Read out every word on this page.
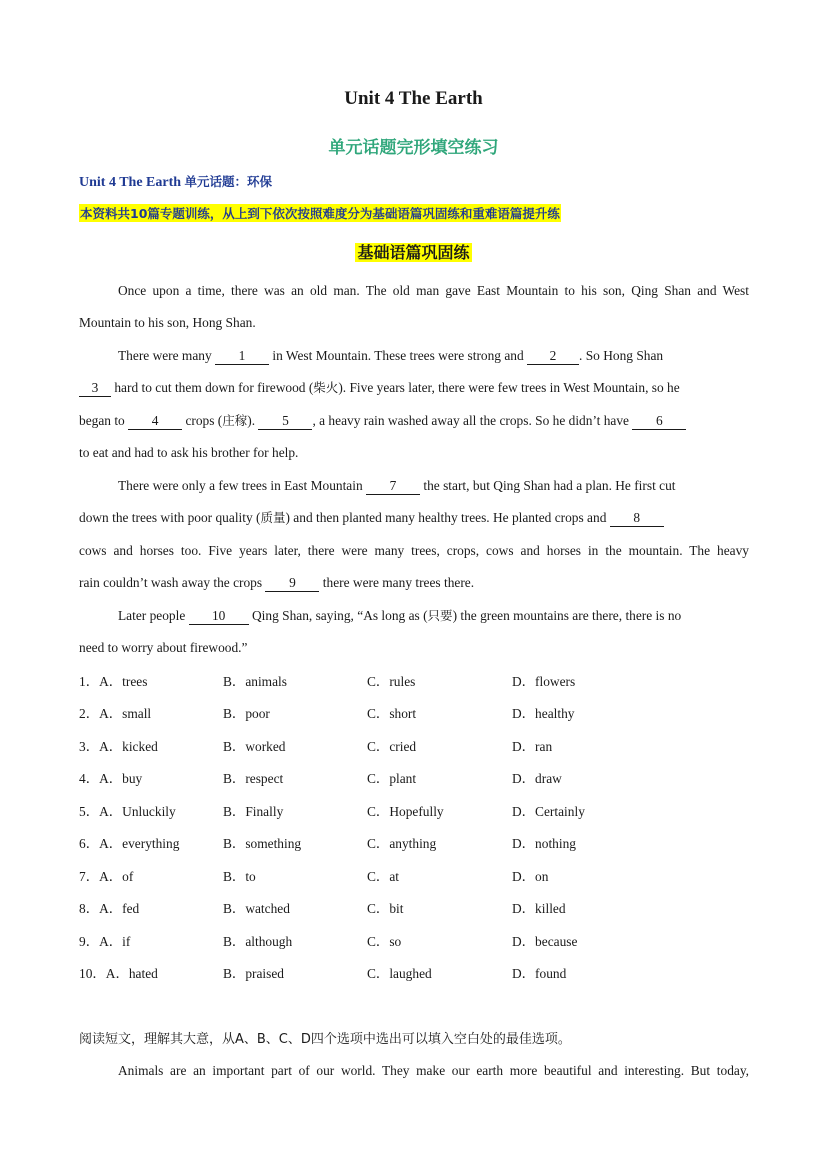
Unit 4 The Earth
单元话题完形填空练习
Unit 4 The Earth 单元话题：环保
本资料共10篇专题训练，从上到下依次按照难度分为基础语篇巩固练和重难语篇提升练
基础语篇巩固练
Once upon a time, there was an old man. The old man gave East Mountain to his son, Qing Shan and West
Mountain to his son, Hong Shan.
There were many 1 in West Mountain. These trees were strong and 2 . So Hong Shan
3 hard to cut them down for firewood (柴火). Five years later, there were few trees in West Mountain, so he
began to 4 crops (庄稼). 5 , a heavy rain washed away all the crops. So he didn’t have 6
to eat and had to ask his brother for help.
There were only a few trees in East Mountain 7 the start, but Qing Shan had a plan. He first cut
down the trees with poor quality (质量) and then planted many healthy trees. He planted crops and 8
cows and horses too. Five years later, there were many trees, crops, cows and horses in the mountain. The heavy
rain couldn’t wash away the crops 9 there were many trees there.
Later people 10 Qing Shan, saying, “As long as (只要) the green mountains are there, there is no
need to worry about firewood.”
1．A．trees	B．animals	C．rules	D．flowers
2．A．small	B．poor	C．short	D．healthy
3．A．kicked	B．worked	C．cried	D．ran
4．A．buy	B．respect	C．plant	D．draw
5．A．Unluckily	B．Finally	C．Hopefully	D．Certainly
6．A．everything	B．something	C．anything	D．nothing
7．A．of	B．to	C．at	D．on
8．A．fed	B．watched	C．bit	D．killed
9．A．if	B．although	C．so	D．because
10．A．hated	B．praised	C．laughed	D．found
阅读短文，理解其大意，从A、B、C、D四个选项中选出可以填入空白处的最佳选项。
Animals are an important part of our world. They make our earth more beautiful and interesting. But today,
